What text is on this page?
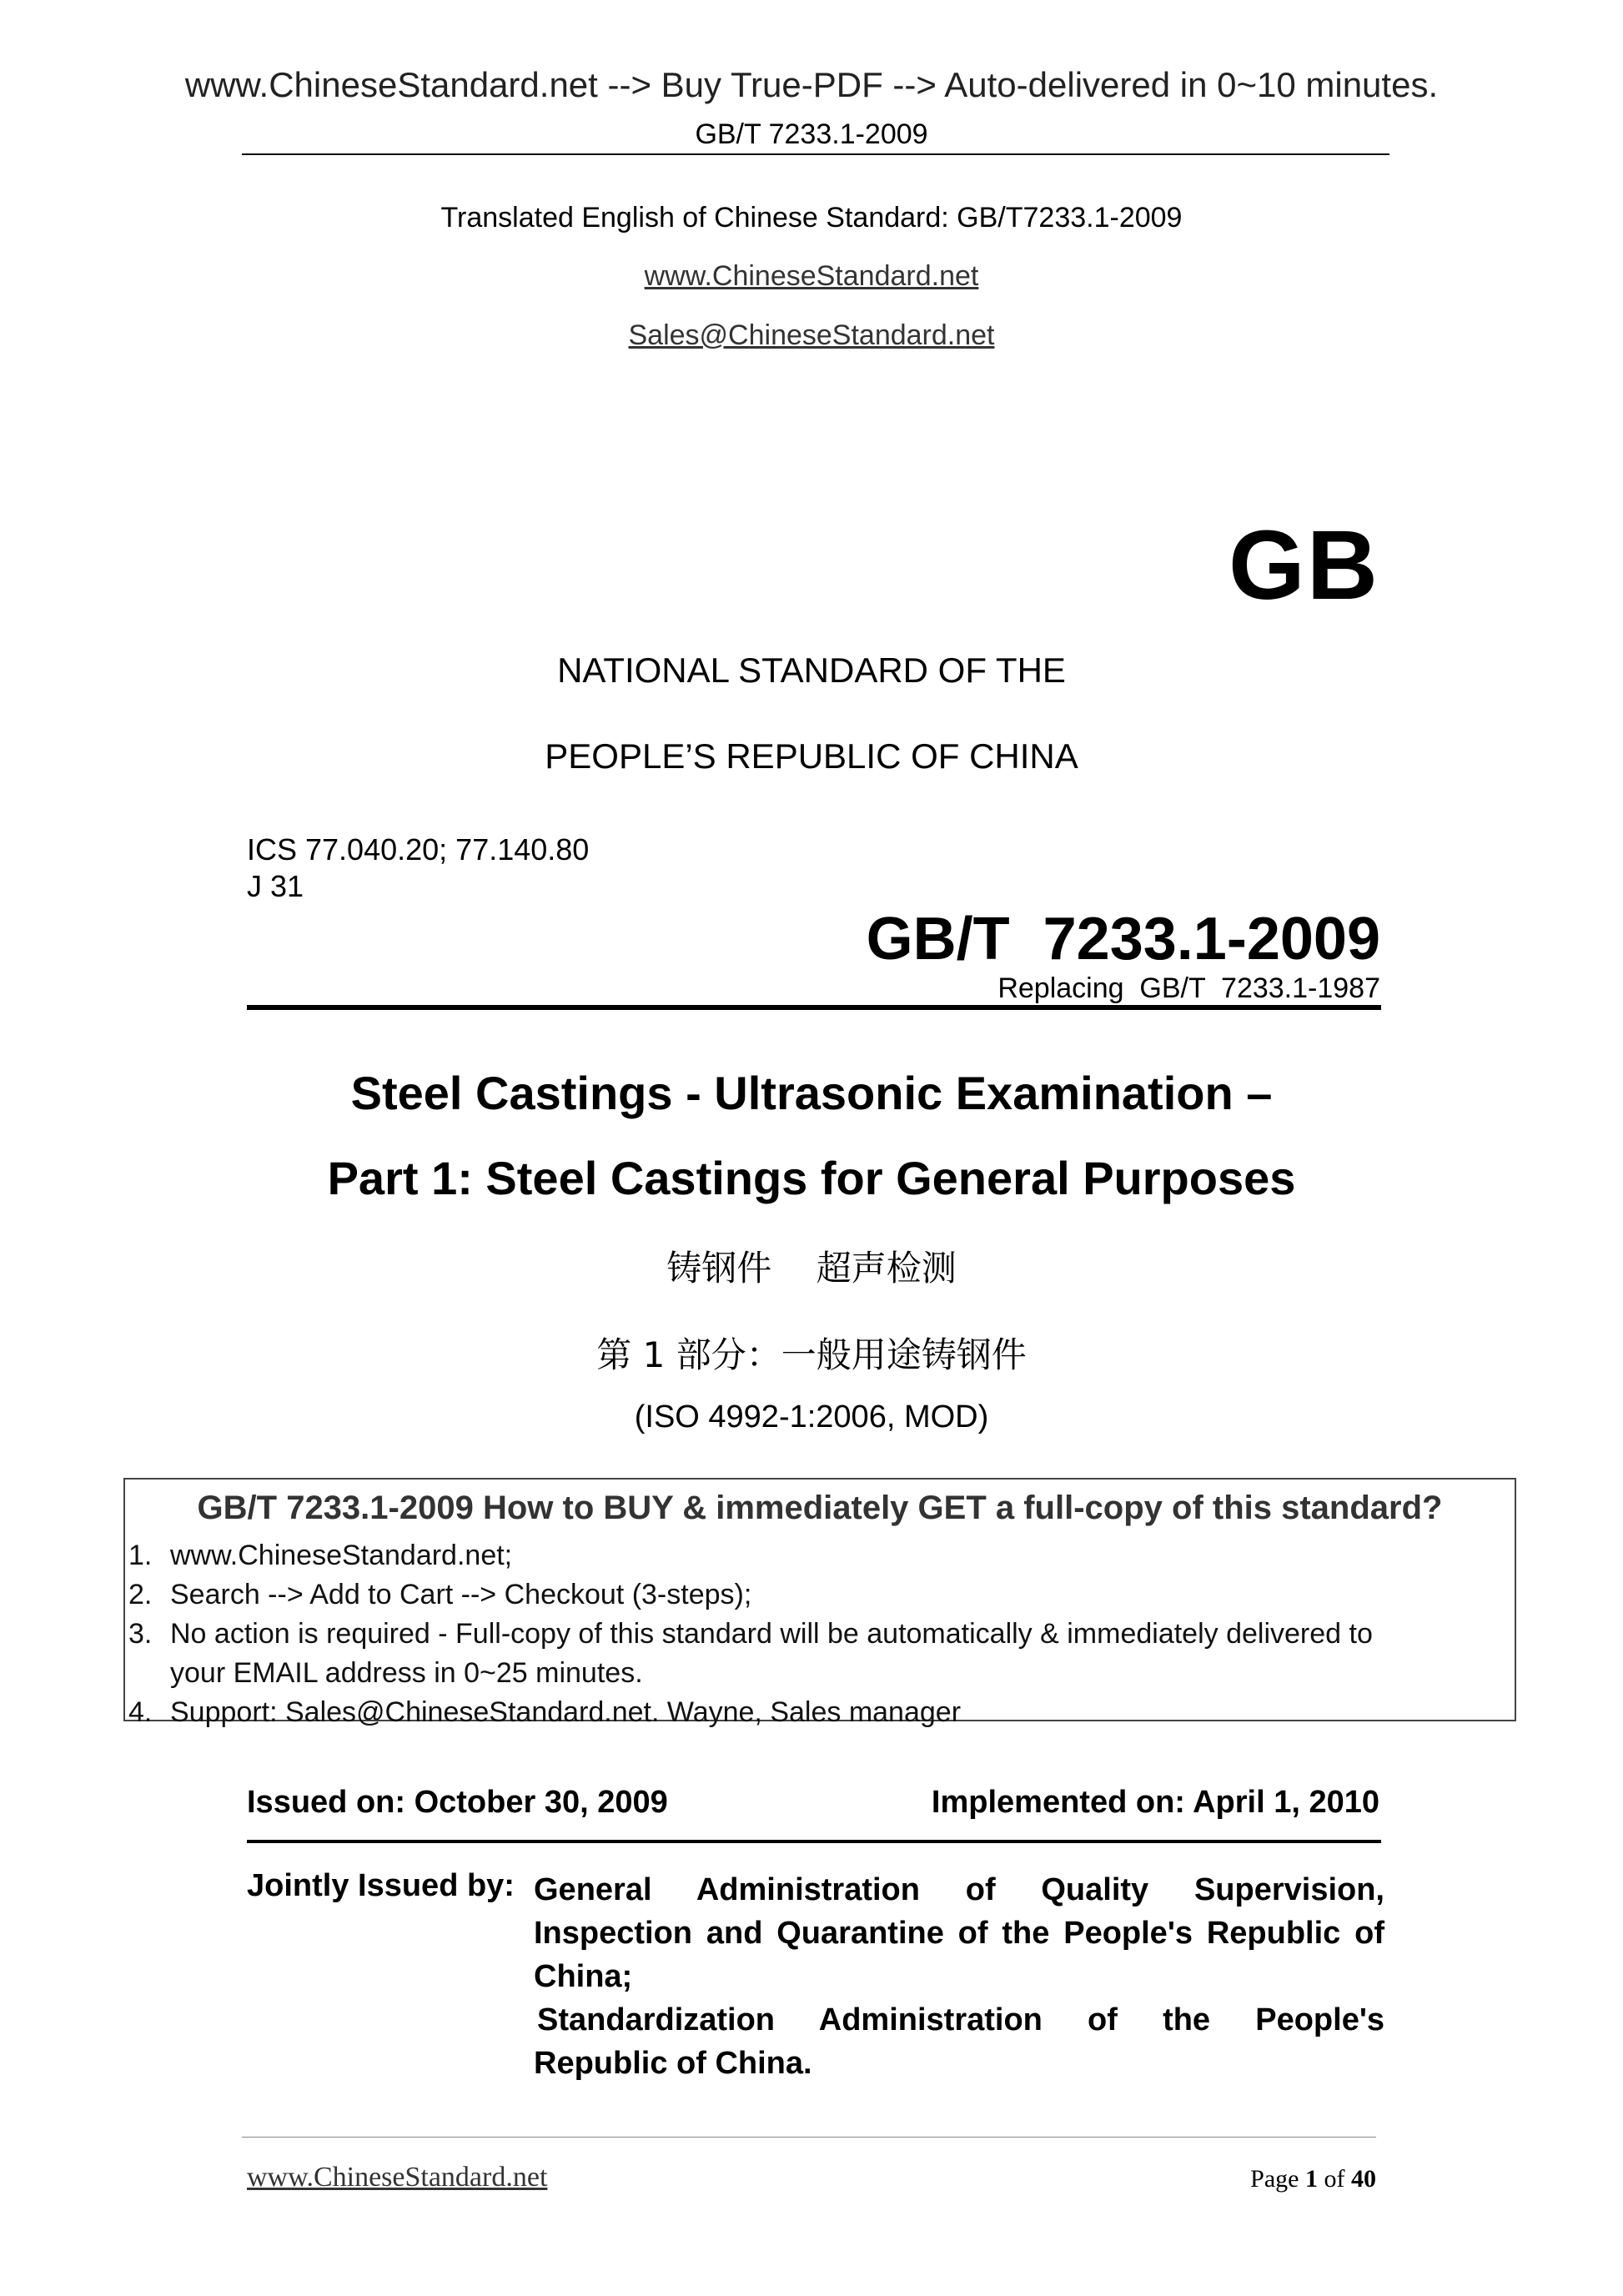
www.ChineseStandard.net --> Buy True-PDF --> Auto-delivered in 0~10 minutes.
GB/T 7233.1-2009
Translated English of Chinese Standard: GB/T7233.1-2009
www.ChineseStandard.net
Sales@ChineseStandard.net
GB
NATIONAL STANDARD OF THE
PEOPLE’S REPUBLIC OF CHINA
ICS 77.040.20; 77.140.80
J 31
GB/T  7233.1-2009
Replacing  GB/T  7233.1-1987
Steel Castings - Ultrasonic Examination –
Part 1: Steel Castings for General Purposes
铸钢件    超声检测
第 1 部分：一般用途铸钢件
(ISO 4992-1:2006, MOD)
GB/T 7233.1-2009 How to BUY & immediately GET a full-copy of this standard?
1. www.ChineseStandard.net;
2. Search --> Add to Cart --> Checkout (3-steps);
3. No action is required - Full-copy of this standard will be automatically & immediately delivered to
your EMAIL address in 0~25 minutes.
4. Support: Sales@ChineseStandard.net. Wayne, Sales manager
Issued on: October 30, 2009	Implemented on: April 1, 2010
Jointly Issued by: General Administration of Quality Supervision,
Inspection and Quarantine of the People's Republic of
China;
Standardization Administration of the People's
Republic of China.
www.ChineseStandard.net	Page 1 of 40
